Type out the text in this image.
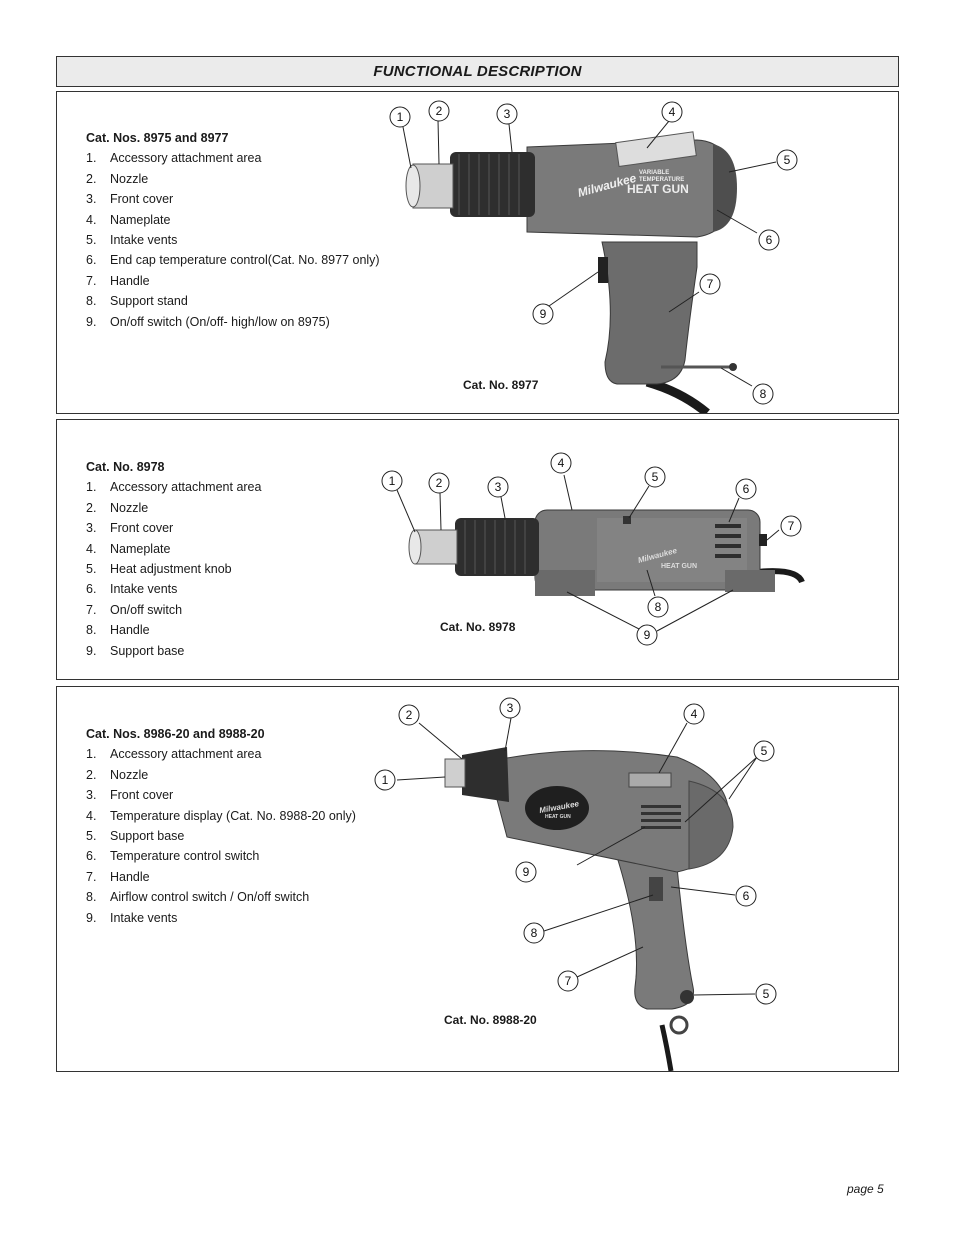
FUNCTIONAL DESCRIPTION
Milwaukee VARIABLE
TEMPERATURE
HEAT GUN
1	2	3	4
5
6
7
8
9
Cat. Nos. 8975 and 8977
1.	Accessory attachment area
2.	Nozzle
3.	Front cover
4.	Nameplate
5.	Intake vents
6.	End cap temperature control(Cat. No. 8977 only)
7.	Handle
8.	Support stand
9.	On/off switch (On/off- high/low on 8975)
Cat. No. 8977
Milwaukee
HEAT GUN
1	2	3
4
5
6
7
8
9
Cat. No. 8978
1.	Accessory attachment area
2.	Nozzle
3.	Front cover
4.	Nameplate
5.	Heat adjustment knob
6.	Intake vents
7.	On/off switch
8.	Handle
9.	Support base
Cat. No. 8978
Milwaukee
HEAT GUN
1
2	3	4
5
5
6
7
8
9
Cat. Nos. 8986-20 and 8988-20
1.	Accessory attachment area
2.	Nozzle
3.	Front cover
4.	Temperature display (Cat. No. 8988-20 only)
5.	Support base
6.	Temperature control switch
7.	Handle
8.	Airflow control switch / On/off switch
9.	Intake vents
Cat. No. 8988-20
page 5
